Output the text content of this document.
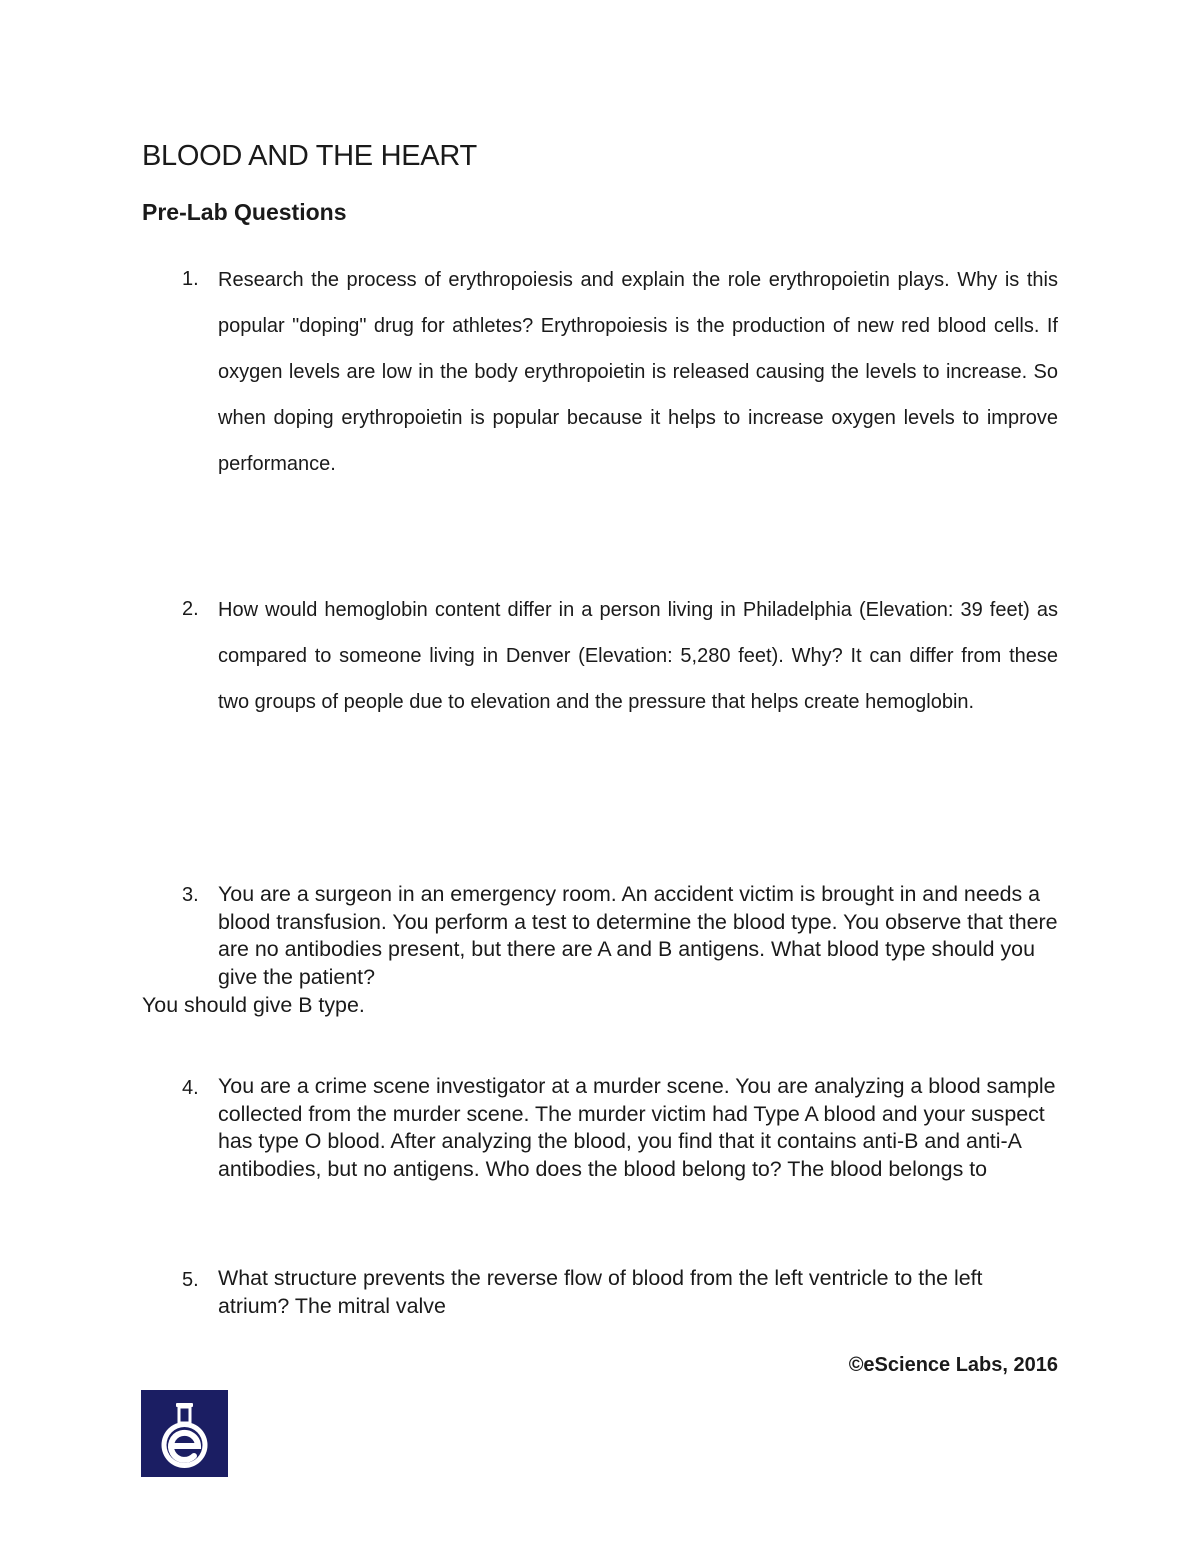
BLOOD AND THE HEART
Pre-Lab Questions
1. Research the process of erythropoiesis and explain the role erythropoietin plays. Why is this popular "doping" drug for athletes? Erythropoiesis is the production of new red blood cells. If oxygen levels are low in the body erythropoietin is released causing the levels to increase. So when doping erythropoietin is popular because it helps to increase oxygen levels to improve performance.
2. How would hemoglobin content differ in a person living in Philadelphia (Elevation: 39 feet) as compared to someone living in Denver (Elevation: 5,280 feet). Why? It can differ from these two groups of people due to elevation and the pressure that helps create hemoglobin.
3. You are a surgeon in an emergency room. An accident victim is brought in and needs a blood transfusion. You perform a test to determine the blood type. You observe that there are no antibodies present, but there are A and B antigens. What blood type should you give the patient?
You should give B type.
4. You are a crime scene investigator at a murder scene. You are analyzing a blood sample collected from the murder scene. The murder victim had Type A blood and your suspect has type O blood. After analyzing the blood, you find that it contains anti-B and anti-A antibodies, but no antigens. Who does the blood belong to? The blood belongs to
5. What structure prevents the reverse flow of blood from the left ventricle to the left atrium? The mitral valve
©eScience Labs, 2016
